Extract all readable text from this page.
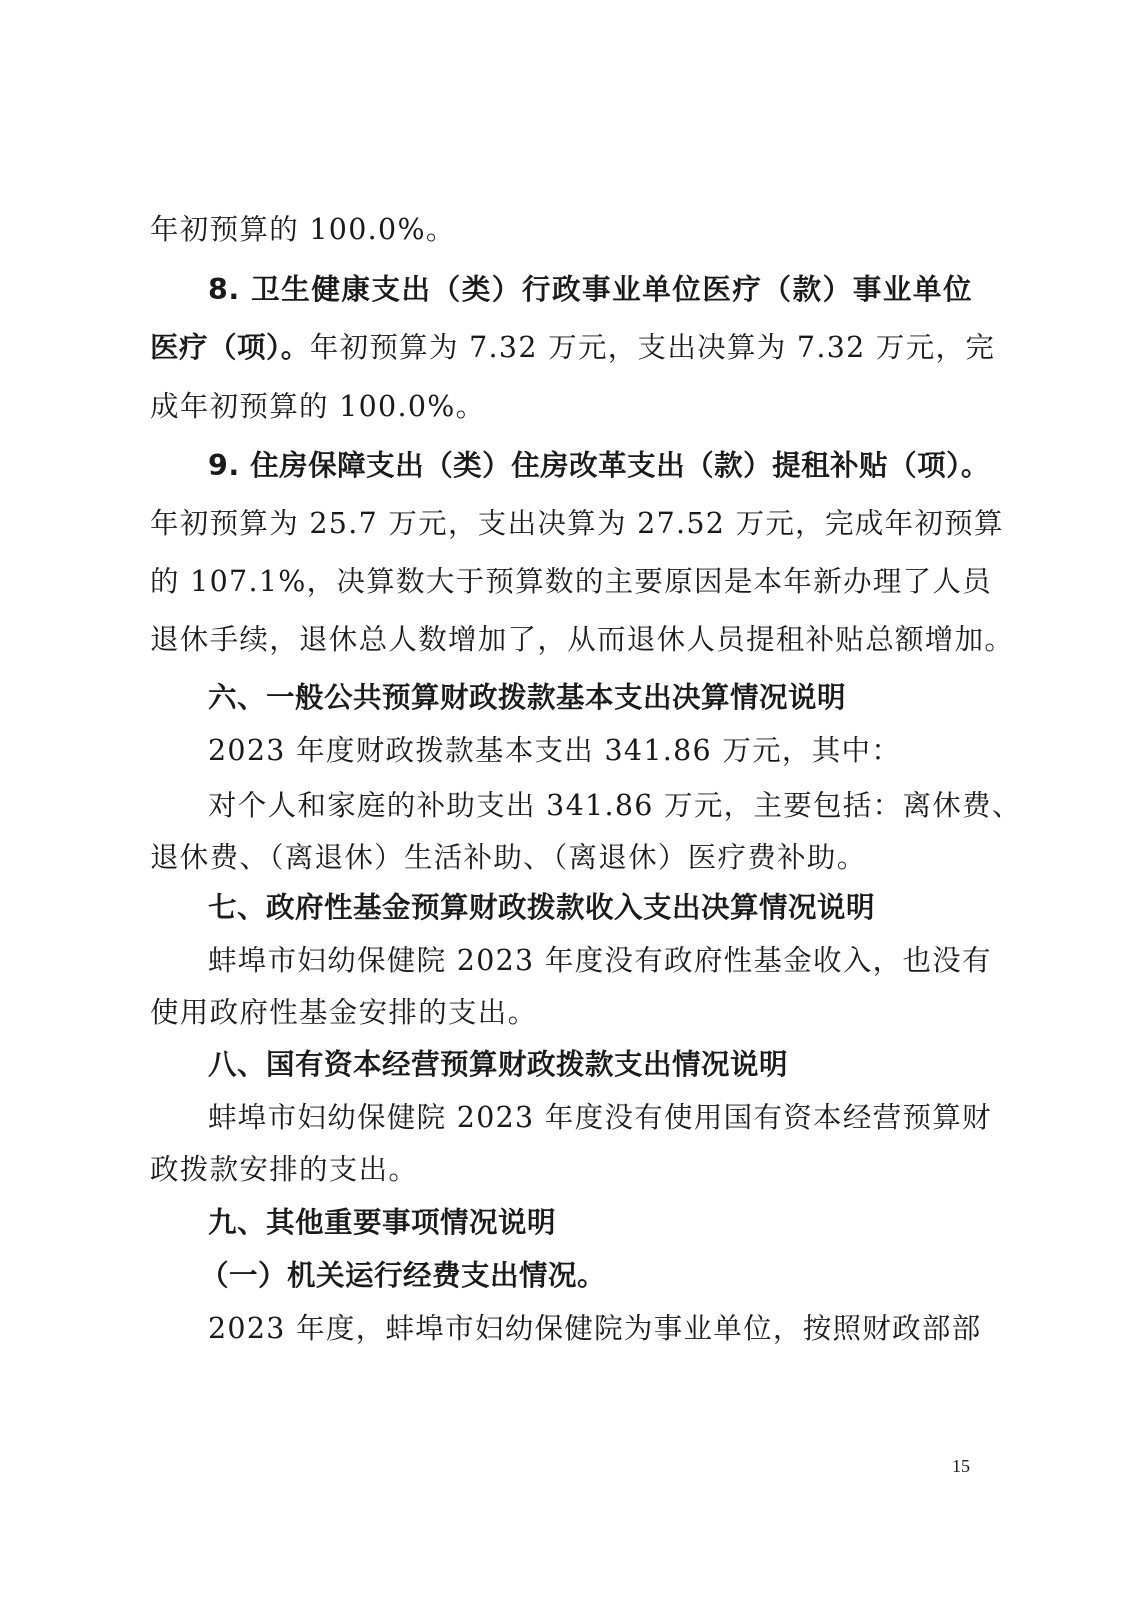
年初预算的 100.0%。
8. 卫生健康支出（类）行政事业单位医疗（款）事业单位
医疗（项）。年初预算为 7.32 万元，支出决算为 7.32 万元，完
成年初预算的 100.0%。
9. 住房保障支出（类）住房改革支出（款）提租补贴（项）。
年初预算为 25.7 万元，支出决算为 27.52 万元，完成年初预算
的 107.1%，决算数大于预算数的主要原因是本年新办理了人员
退休手续，退休总人数增加了，从而退休人员提租补贴总额增加。
六、一般公共预算财政拨款基本支出决算情况说明
2023 年度财政拨款基本支出 341.86 万元，其中：
对个人和家庭的补助支出 341.86 万元，主要包括：离休费、
退休费、（离退休）生活补助、（离退休）医疗费补助。
七、政府性基金预算财政拨款收入支出决算情况说明
蚌埠市妇幼保健院 2023 年度没有政府性基金收入，也没有
使用政府性基金安排的支出。
八、国有资本经营预算财政拨款支出情况说明
蚌埠市妇幼保健院 2023 年度没有使用国有资本经营预算财
政拨款安排的支出。
九、其他重要事项情况说明
（一）机关运行经费支出情况。
2023 年度，蚌埠市妇幼保健院为事业单位，按照财政部部
15
